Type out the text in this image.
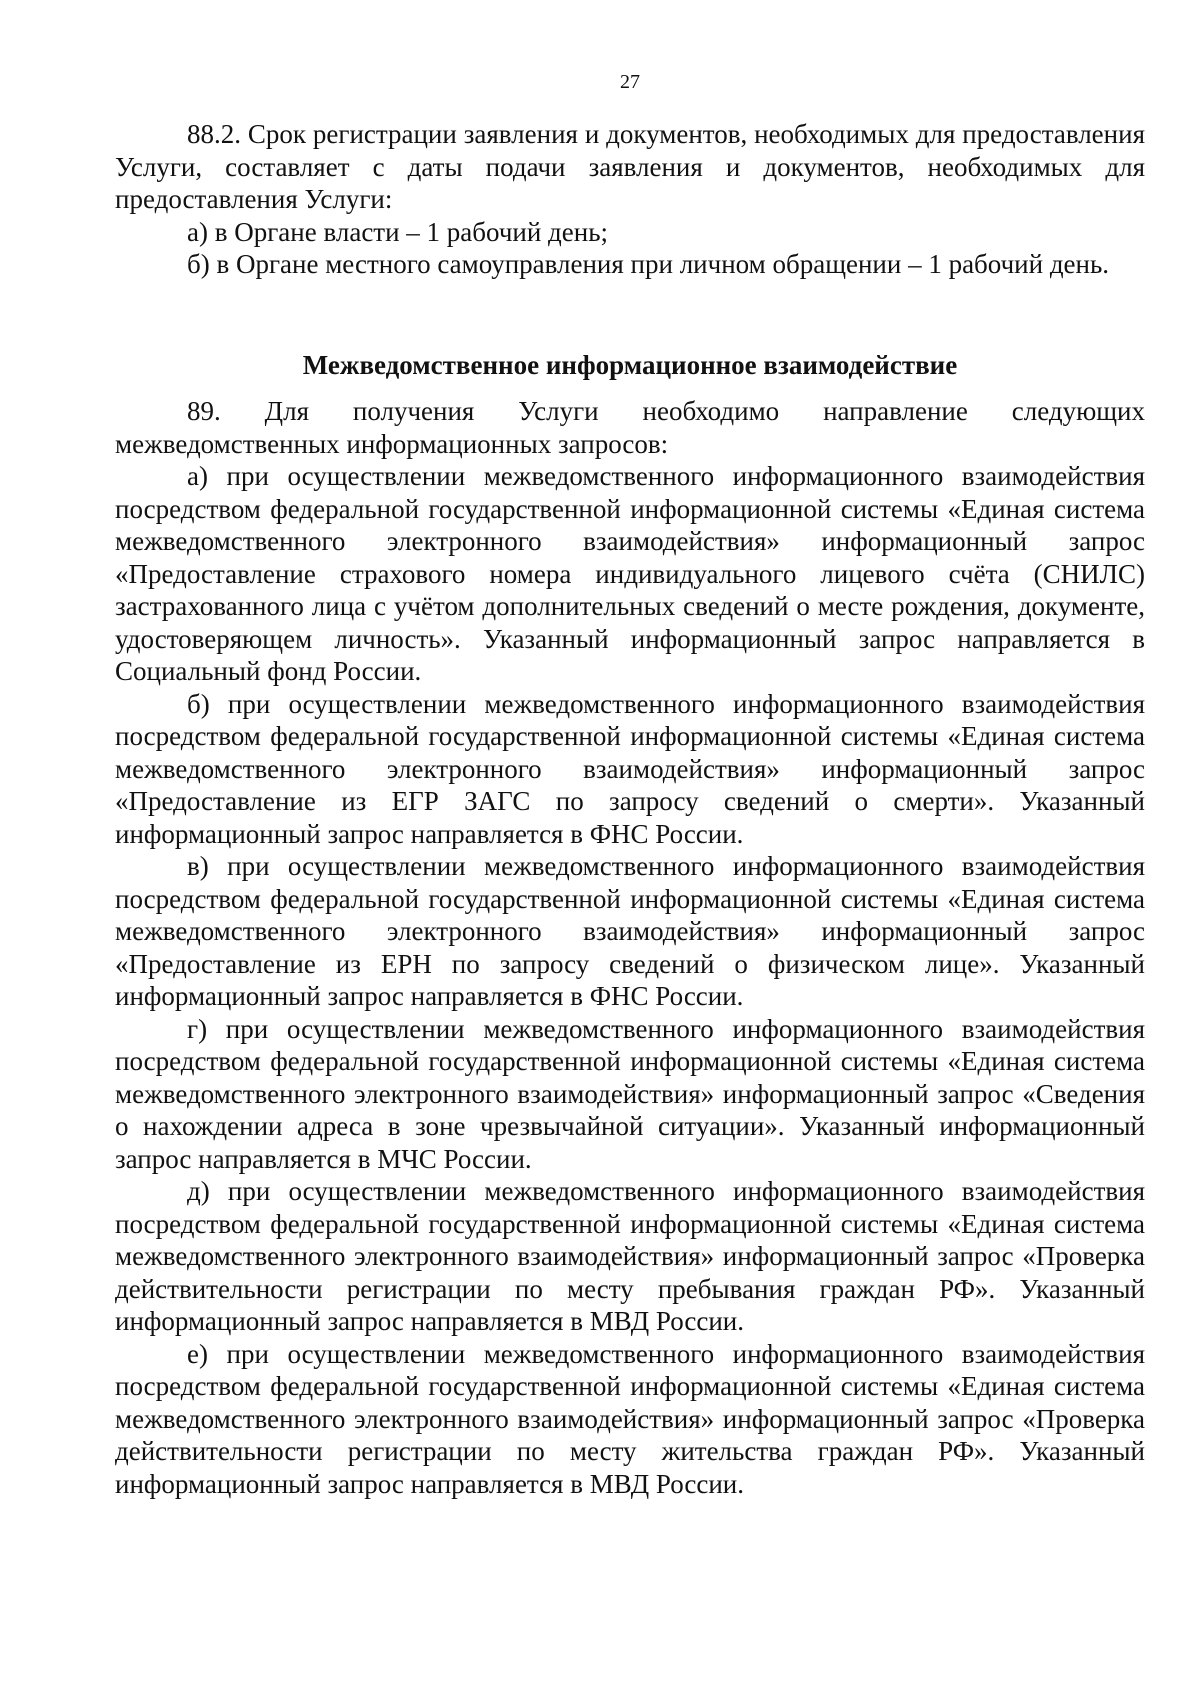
27

88.2. Срок регистрации заявления и документов, необходимых для предоставления Услуги, составляет с даты подачи заявления и документов, необходимых для предоставления Услуги:

а) в Органе власти – 1 рабочий день;

б) в Органе местного самоуправления при личном обращении – 1 рабочий день.

Межведомственное информационное взаимодействие

89. Для получения Услуги необходимо направление следующих межведомственных информационных запросов:

а) при осуществлении межведомственного информационного взаимодействия посредством федеральной государственной информационной системы «Единая система межведомственного электронного взаимодействия» информационный запрос «Предоставление страхового номера индивидуального лицевого счёта (СНИЛС) застрахованного лица с учётом дополнительных сведений о месте рождения, документе, удостоверяющем личность». Указанный информационный запрос направляется в Социальный фонд России.

б) при осуществлении межведомственного информационного взаимодействия посредством федеральной государственной информационной системы «Единая система межведомственного электронного взаимодействия» информационный запрос «Предоставление из ЕГР ЗАГС по запросу сведений о смерти». Указанный информационный запрос направляется в ФНС России.

в) при осуществлении межведомственного информационного взаимодействия посредством федеральной государственной информационной системы «Единая система межведомственного электронного взаимодействия» информационный запрос «Предоставление из ЕРН по запросу сведений о физическом лице». Указанный информационный запрос направляется в ФНС России.

г) при осуществлении межведомственного информационного взаимодействия посредством федеральной государственной информационной системы «Единая система межведомственного электронного взаимодействия» информационный запрос «Сведения о нахождении адреса в зоне чрезвычайной ситуации». Указанный информационный запрос направляется в МЧС России.

д) при осуществлении межведомственного информационного взаимодействия посредством федеральной государственной информационной системы «Единая система межведомственного электронного взаимодействия» информационный запрос «Проверка действительности регистрации по месту пребывания граждан РФ». Указанный информационный запрос направляется в МВД России.

е) при осуществлении межведомственного информационного взаимодействия посредством федеральной государственной информационной системы «Единая система межведомственного электронного взаимодействия» информационный запрос «Проверка действительности регистрации по месту жительства граждан РФ». Указанный информационный запрос направляется в МВД России.
